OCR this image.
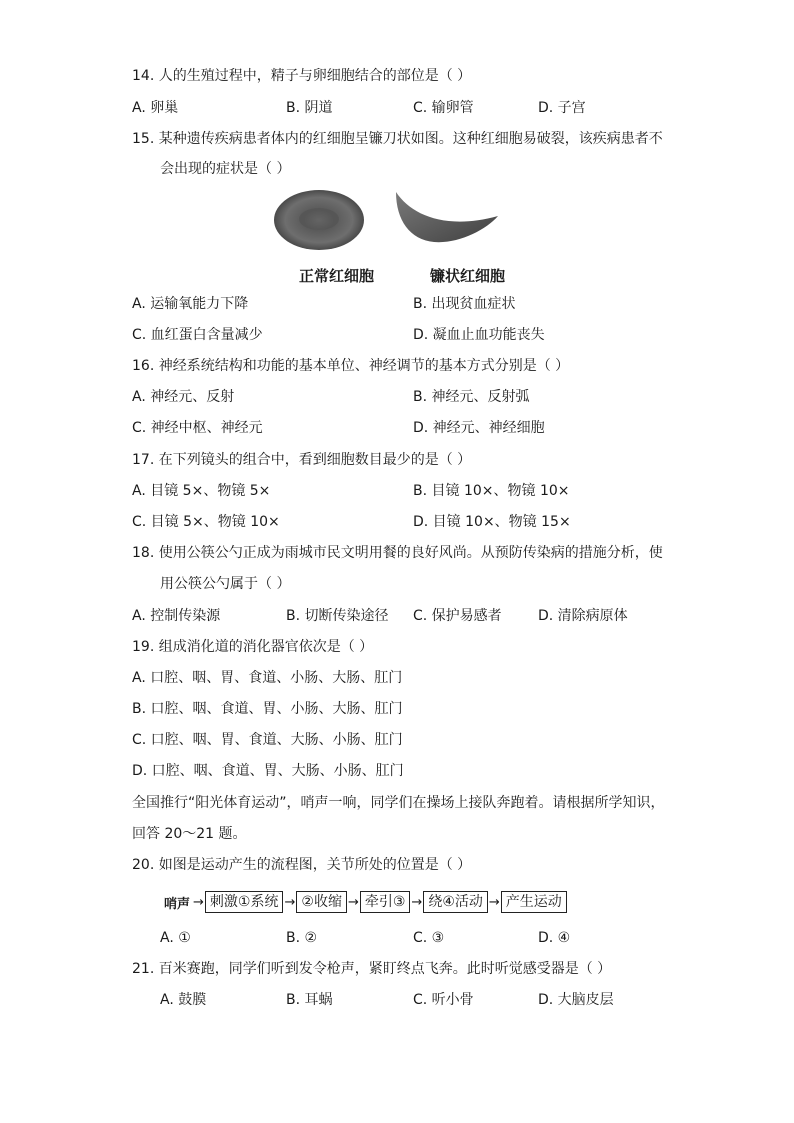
14. 人的生殖过程中，精子与卵细胞结合的部位是（ ）
A. 卵巢	B. 阴道	C. 输卵管	D. 子宫
15. 某种遗传疾病患者体内的红细胞呈镰刀状如图。这种红细胞易破裂，该疾病患者不
会出现的症状是（ ）
正常红细胞	镰状红细胞
A. 运输氧能力下降	B. 出现贫血症状
C. 血红蛋白含量减少	D. 凝血止血功能丧失
16. 神经系统结构和功能的基本单位、神经调节的基本方式分别是（ ）
A. 神经元、反射	B. 神经元、反射弧
C. 神经中枢、神经元	D. 神经元、神经细胞
17. 在下列镜头的组合中，看到细胞数目最少的是（ ）
A. 目镜 5×、物镜 5×	B. 目镜 10×、物镜 10×
C. 目镜 5×、物镜 10×	D. 目镜 10×、物镜 15×
18. 使用公筷公勺正成为雨城市民文明用餐的良好风尚。从预防传染病的措施分析，使
用公筷公勺属于（ ）
A. 控制传染源	B. 切断传染途径 C. 保护易感者	D. 清除病原体
19. 组成消化道的消化器官依次是（ ）
A. 口腔、咽、胃、食道、小肠、大肠、肛门
B. 口腔、咽、食道、胃、小肠、大肠、肛门
C. 口腔、咽、胃、食道、大肠、小肠、肛门
D. 口腔、咽、食道、胃、大肠、小肠、肛门
全国推行“阳光体育运动”，哨声一响，同学们在操场上接队奔跑着。请根据所学知识，
回答 20～21 题。
20. 如图是运动产生的流程图，关节所处的位置是（ ）
哨声 → 刺激①系统 → ②收缩 → 牵引③ → 绕④活动 → 产生运动
A. ①	B. ②	C. ③	D. ④
21. 百米赛跑，同学们听到发令枪声，紧盯终点飞奔。此时听觉感受器是（ ）
A. 鼓膜	B. 耳蜗	C. 听小骨	D. 大脑皮层
